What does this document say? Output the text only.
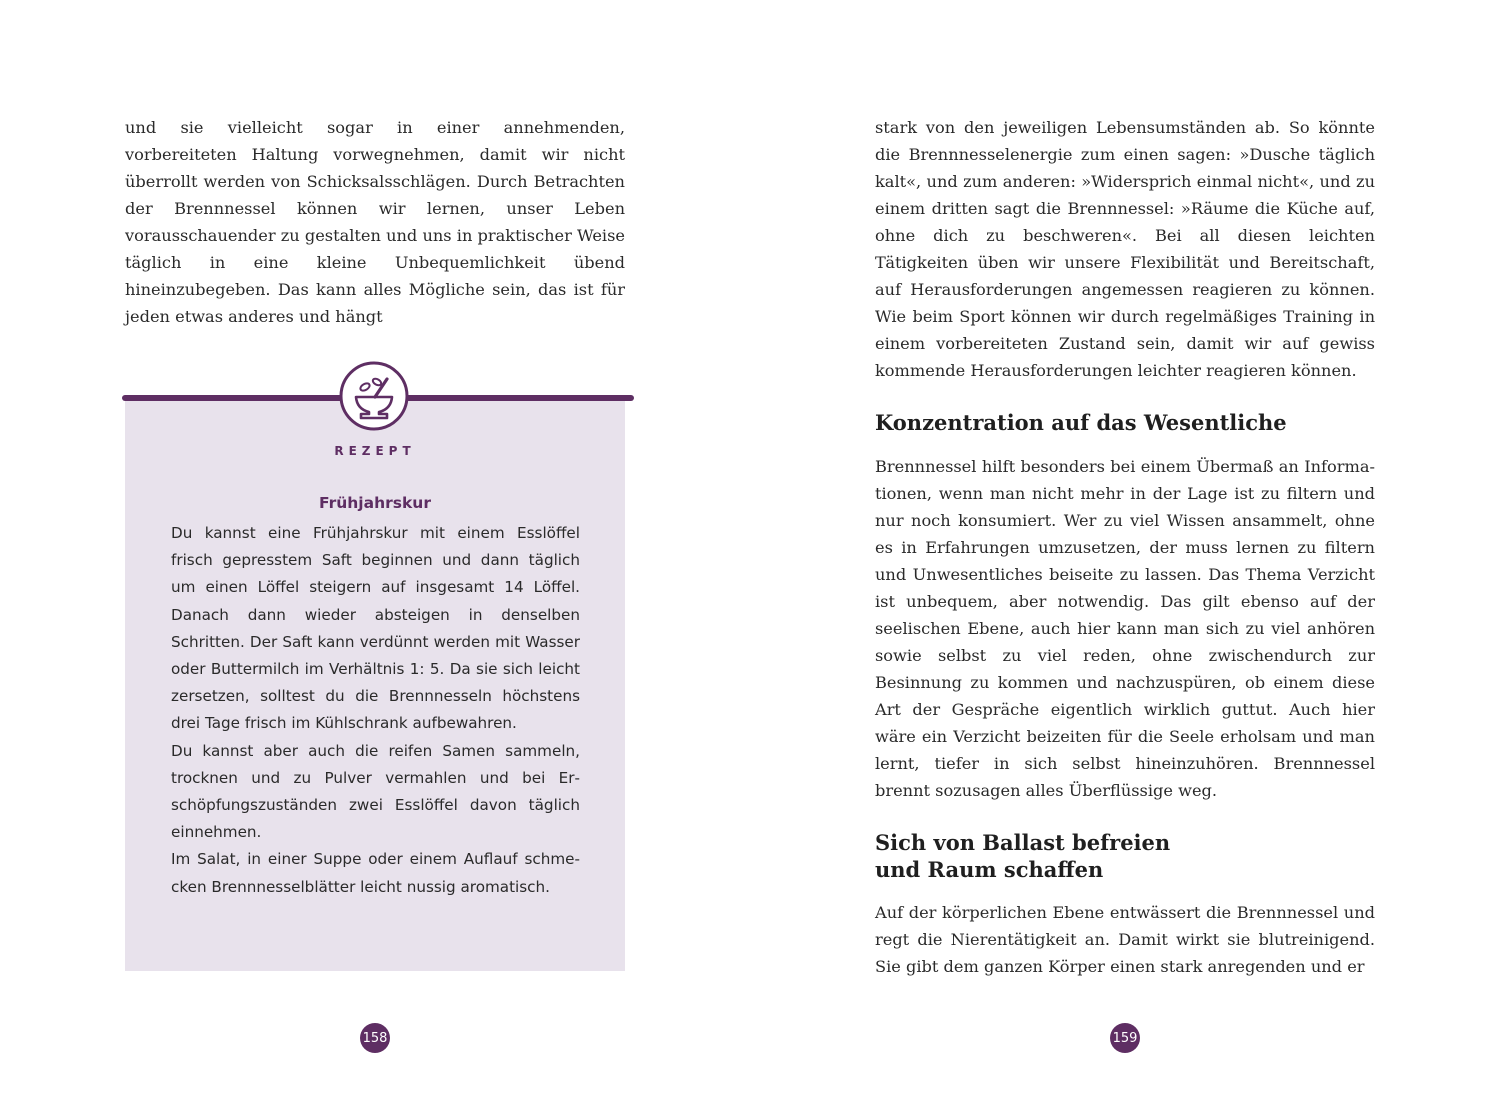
und sie vielleicht sogar in einer annehmenden, vorbereiteten Haltung vorwegnehmen, damit wir nicht überrollt werden von Schicksalsschlägen. Durch Betrachten der Brennnessel können wir lernen, unser Leben vorausschauender zu gestalten und uns in praktischer Weise täglich in eine kleine Unbequemlichkeit übend hineinzubegeben. Das kann alles Mögliche sein, das ist für jeden etwas anderes und hängt

REZEPT
Frühjahrskur

Du kannst eine Frühjahrskur mit einem Esslöffel frisch gepresstem Saft beginnen und dann täglich um einen Löffel steigern auf insgesamt 14 Löffel. Danach dann wieder absteigen in denselben Schritten. Der Saft kann verdünnt werden mit Wasser oder Buttermilch im Verhältnis 1: 5. Da sie sich leicht zersetzen, solltest du die Brennnesseln höchstens drei Tage frisch im Kühlschrank aufbewahren.

Du kannst aber auch die reifen Samen sammeln, trocknen und zu Pulver vermahlen und bei Erschöpfungszuständen zwei Esslöffel davon täglich einnehmen.

Im Salat, in einer Suppe oder einem Auflauf schmecken Brennnesselblätter leicht nussig aromatisch.

158

stark von den jeweiligen Lebensumständen ab. So könnte die Brennnesselenergie zum einen sagen: »Dusche täglich kalt«, und zum anderen: »Widersprich einmal nicht«, und zu einem dritten sagt die Brennnessel: »Räume die Küche auf, ohne dich zu beschweren«. Bei all diesen leichten Tätigkeiten üben wir unsere Flexibilität und Bereitschaft, auf Herausforderungen angemessen reagieren zu können. Wie beim Sport können wir durch regelmäßiges Training in einem vorbereiteten Zustand sein, damit wir auf gewiss kommende Herausforderungen leichter reagieren können.

Konzentration auf das Wesentliche

Brennnessel hilft besonders bei einem Übermaß an Informationen, wenn man nicht mehr in der Lage ist zu filtern und nur noch konsumiert. Wer zu viel Wissen ansammelt, ohne es in Erfahrungen umzusetzen, der muss lernen zu filtern und Unwesentliches beiseite zu lassen. Das Thema Verzicht ist unbequem, aber notwendig. Das gilt ebenso auf der seelischen Ebene, auch hier kann man sich zu viel anhören sowie selbst zu viel reden, ohne zwischendurch zur Besinnung zu kommen und nachzuspüren, ob einem diese Art der Gespräche eigentlich wirklich guttut. Auch hier wäre ein Verzicht beizeiten für die Seele erholsam und man lernt, tiefer in sich selbst hineinzuhören. Brennnessel brennt sozusagen alles Überflüssige weg.

Sich von Ballast befreien
und Raum schaffen

Auf der körperlichen Ebene entwässert die Brennnessel und regt die Nierentätigkeit an. Damit wirkt sie blutreinigend. Sie gibt dem ganzen Körper einen stark anregenden und er

159
